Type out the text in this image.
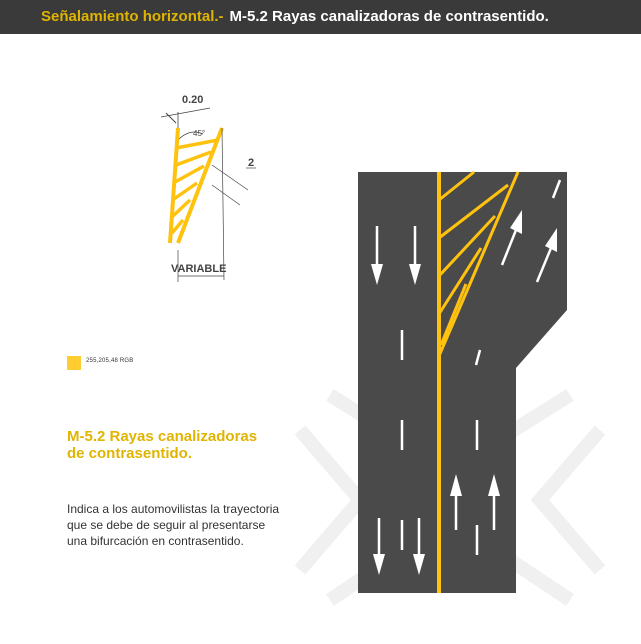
Señalamiento horizontal.- M-5.2 Rayas canalizadoras de contrasentido.
0.20
45°
2
VARIABLE
255,205,48 RGB
M-5.2 Rayas canalizadoras de contrasentido.
Indica a los automovilistas la trayectoria que se debe de seguir al presentarse una bifurcación en contrasentido.
